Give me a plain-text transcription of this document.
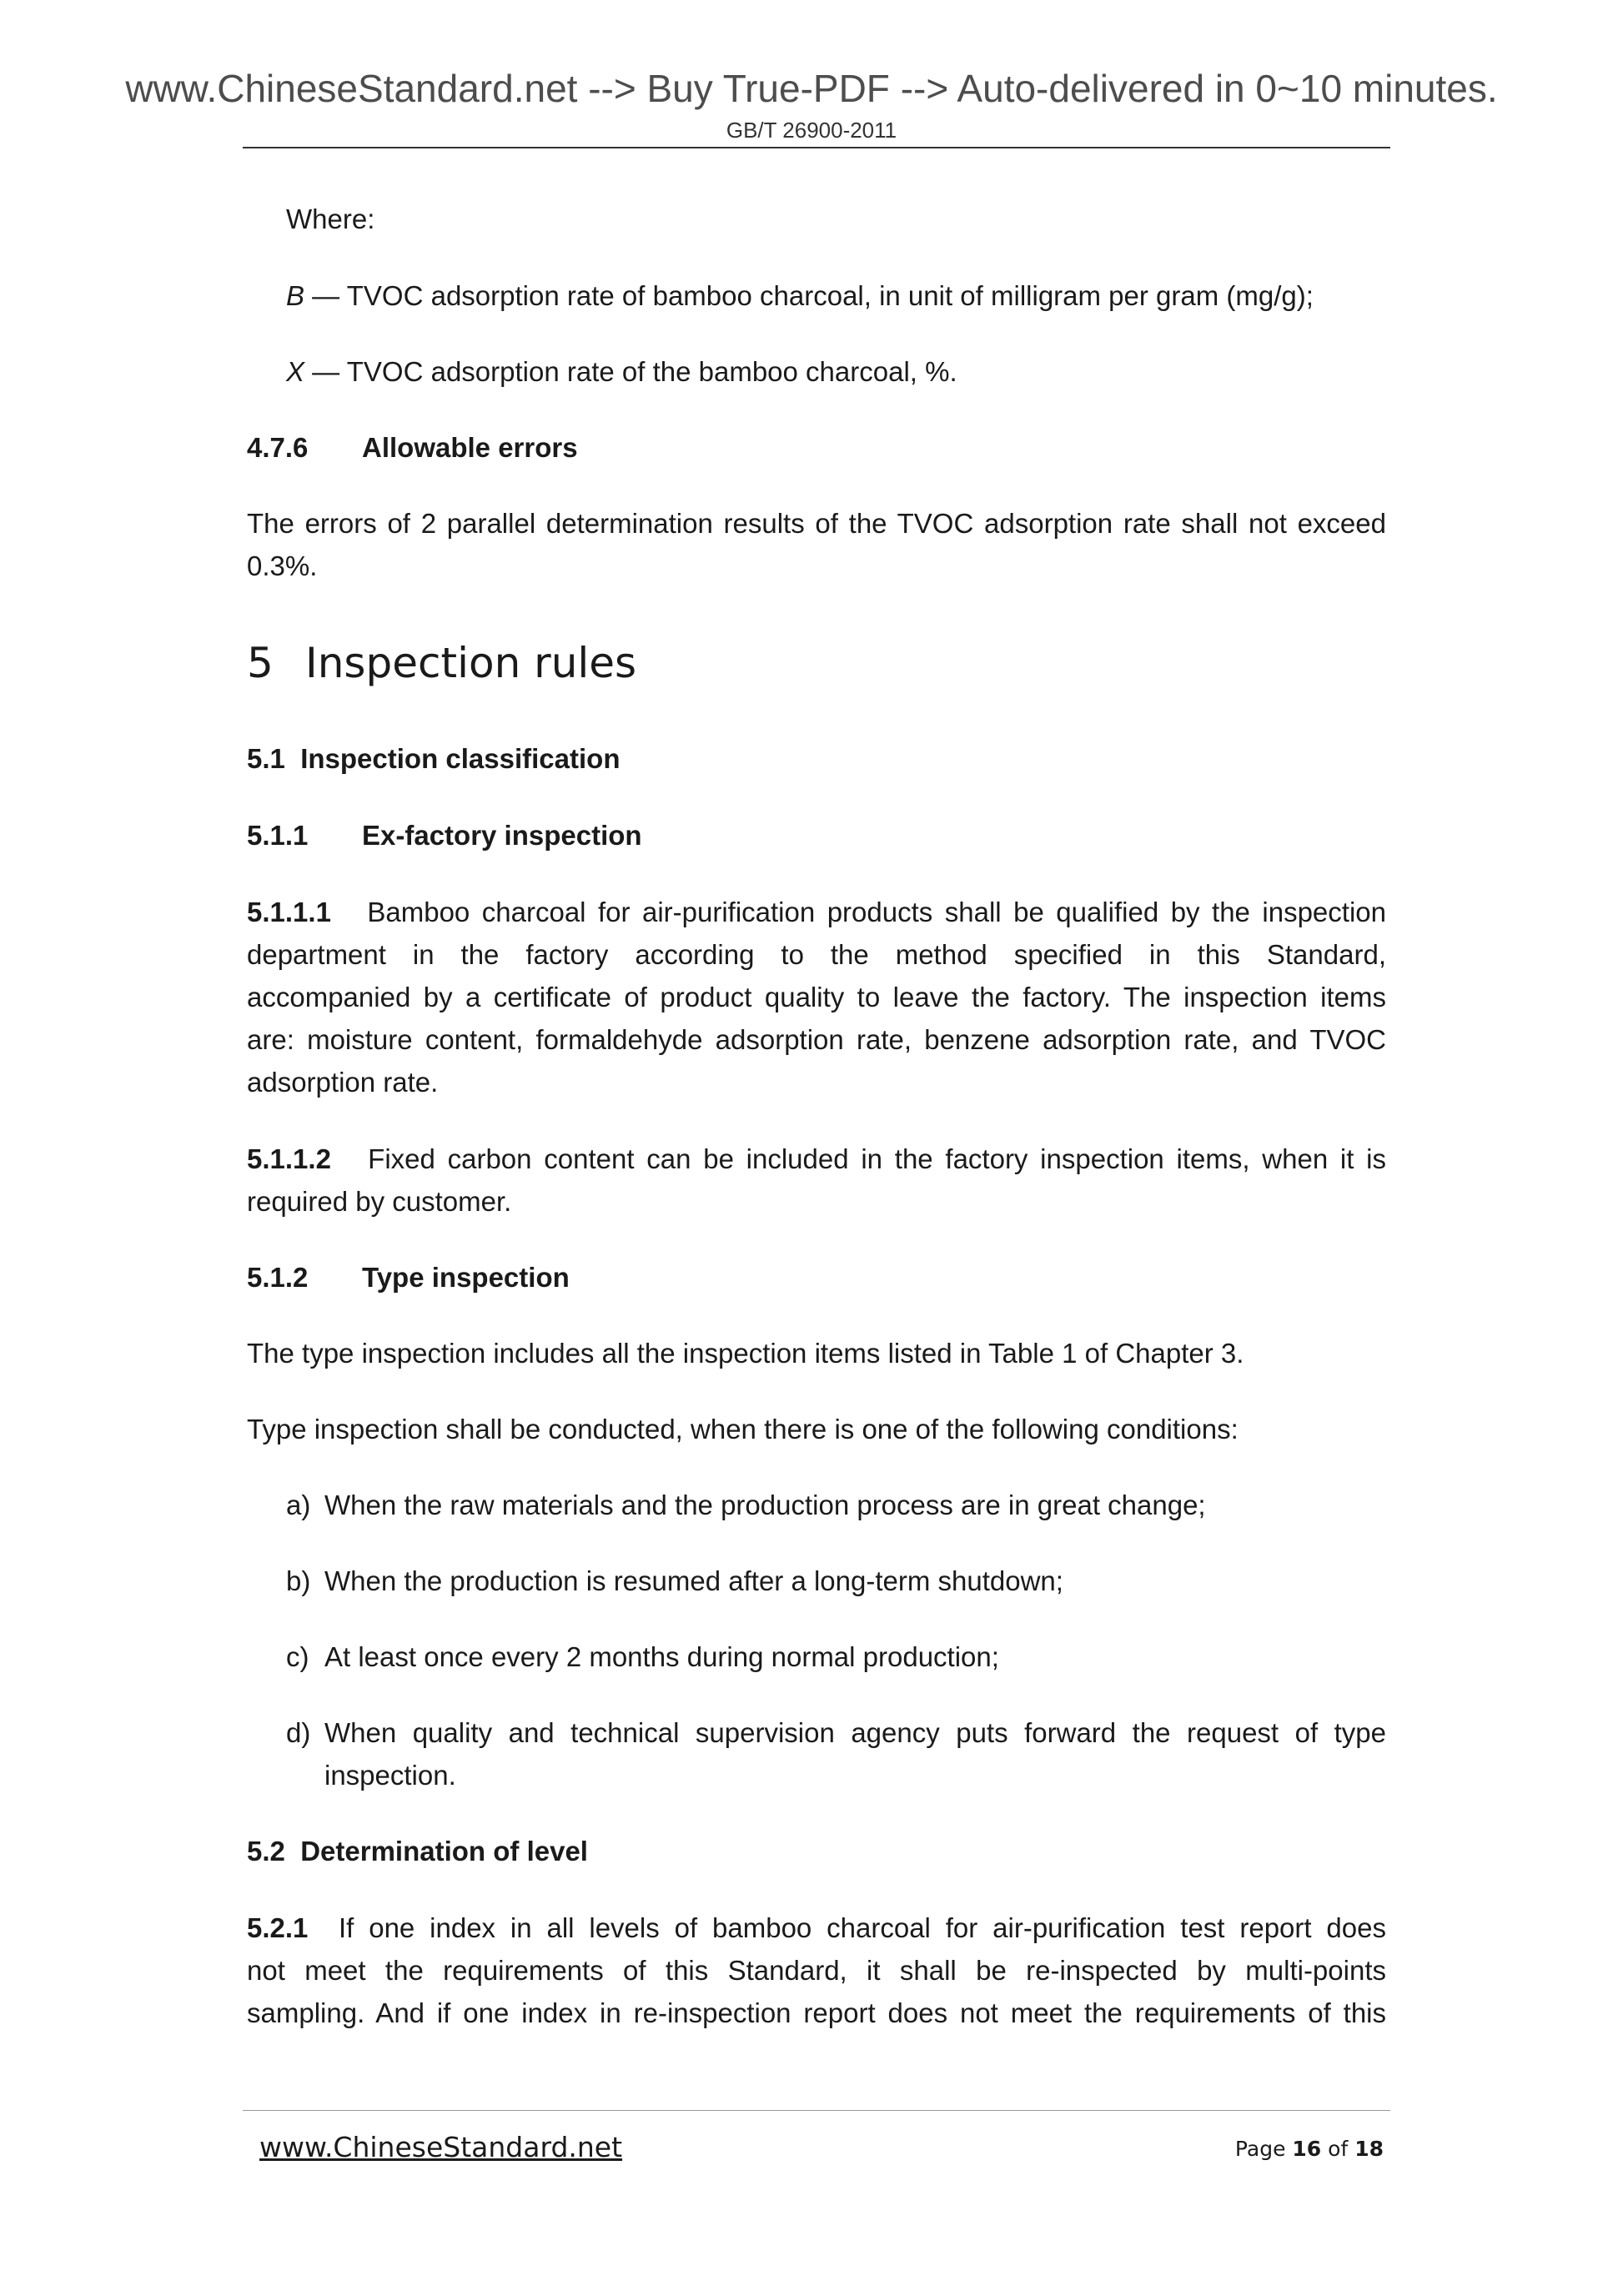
www.ChineseStandard.net --> Buy True-PDF --> Auto-delivered in 0~10 minutes.
GB/T 26900-2011
Where:
B — TVOC adsorption rate of bamboo charcoal, in unit of milligram per gram (mg/g);
X — TVOC adsorption rate of the bamboo charcoal, %.
4.7.6 Allowable errors
The errors of 2 parallel determination results of the TVOC adsorption rate shall not exceed
0.3%.
5 Inspection rules
5.1 Inspection classification
5.1.1 Ex-factory inspection
5.1.1.1 Bamboo charcoal for air-purification products shall be qualified by the inspection
department in the factory according to the method specified in this Standard,
accompanied by a certificate of product quality to leave the factory. The inspection items
are: moisture content, formaldehyde adsorption rate, benzene adsorption rate, and TVOC
adsorption rate.
5.1.1.2 Fixed carbon content can be included in the factory inspection items, when it is
required by customer.
5.1.2 Type inspection
The type inspection includes all the inspection items listed in Table 1 of Chapter 3.
Type inspection shall be conducted, when there is one of the following conditions:
a) When the raw materials and the production process are in great change;
b) When the production is resumed after a long-term shutdown;
c) At least once every 2 months during normal production;
d) When quality and technical supervision agency puts forward the request of type
inspection.
5.2 Determination of level
5.2.1 If one index in all levels of bamboo charcoal for air-purification test report does
not meet the requirements of this Standard, it shall be re-inspected by multi-points
sampling. And if one index in re-inspection report does not meet the requirements of this
www.ChineseStandard.net	Page 16 of 18
